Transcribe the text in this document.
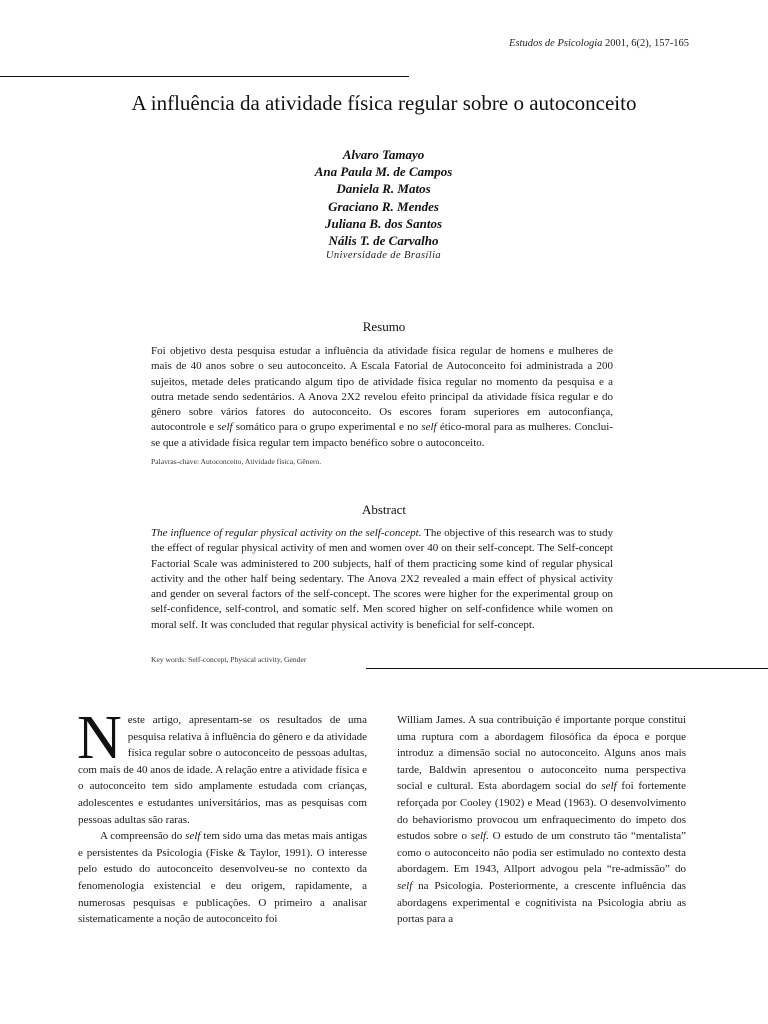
Estudos de Psicologia 2001, 6(2), 157-165
A influência da atividade física regular sobre o autoconceito
Alvaro Tamayo
Ana Paula M. de Campos
Daniela R. Matos
Graciano R. Mendes
Juliana B. dos Santos
Nális T. de Carvalho
Universidade de Brasília
Resumo
Foi objetivo desta pesquisa estudar a influência da atividade física regular de homens e mulheres de mais de 40 anos sobre o seu autoconceito. A Escala Fatorial de Autoconceito foi administrada a 200 sujeitos, metade deles praticando algum tipo de atividade física regular no momento da pesquisa e a outra metade sendo sedentários. A Anova 2X2 revelou efeito principal da atividade física regular e do gênero sobre vários fatores do autoconceito. Os escores foram superiores em autoconfiança, autocontrole e self somático para o grupo experimental e no self ético-moral para as mulheres. Conclui-se que a atividade física regular tem impacto benéfico sobre o autoconceito.
Palavras-chave: Autoconceito, Atividade física, Gênero.
Abstract
The influence of regular physical activity on the self-concept. The objective of this research was to study the effect of regular physical activity of men and women over 40 on their self-concept. The Self-concept Factorial Scale was administered to 200 subjects, half of them practicing some kind of regular physical activity and the other half being sedentary. The Anova 2X2 revealed a main effect of physical activity and gender on several factors of the self-concept. The scores were higher for the experimental group on self-confidence, self-control, and somatic self. Men scored higher on self-confidence while women on moral self. It was concluded that regular physical activity is beneficial for self-concept.
Key words: Self-concept, Physical activity, Gender

Neste artigo, apresentam-se os resultados de uma pesquisa relativa à influência do gênero e da atividade física regular sobre o autoconceito de pessoas adultas, com mais de 40 anos de idade. A relação entre a atividade física e o autoconceito tem sido amplamente estudada com crianças, adolescentes e estudantes universitários, mas as pesquisas com pessoas adultas são raras.

A compreensão do self tem sido uma das metas mais antigas e persistentes da Psicologia (Fiske & Taylor, 1991). O interesse pelo estudo do autoconceito desenvolveu-se no contexto da fenomenologia existencial e deu origem, rapidamente, a numerosas pesquisas e publicações. O primeiro a analisar sistematicamente a noção de autoconceito foi

William James. A sua contribuição é importante porque constitui uma ruptura com a abordagem filosófica da época e porque introduz a dimensão social no autoconceito. Alguns anos mais tarde, Baldwin apresentou o autoconceito numa perspectiva social e cultural. Esta abordagem social do self foi fortemente reforçada por Cooley (1902) e Mead (1963). O desenvolvimento do behaviorismo provocou um enfraquecimento do ímpeto dos estudos sobre o self. O estudo de um construto tão “mentalista” como o autoconceito não podia ser estimulado no contexto desta abordagem. Em 1943, Allport advogou pela “re-admissão” do self na Psicologia. Posteriormente, a crescente influência das abordagens experimental e cognitivista na Psicologia abriu as portas para a
